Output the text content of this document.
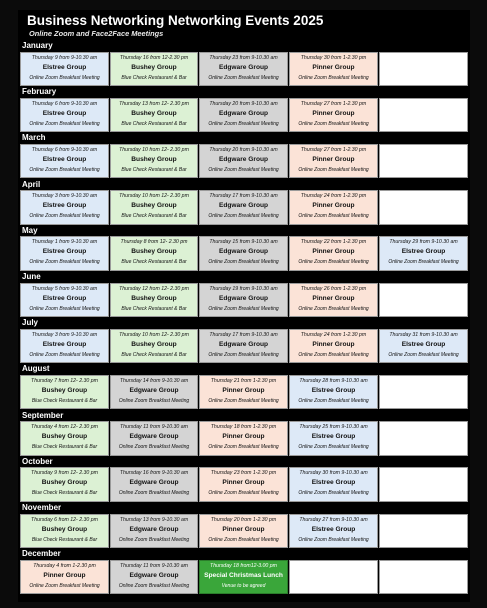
Business Networking Networking Events 2025
Online Zoom and Face2Face Meetings
January
Thursday 9 from 9-10.30 am
Elstree Group
Online Zoom Breakfast Meeting
Thursday 16 from 12-2.30 pm
Bushey Group
Blue Check Restaurant & Bar
Thursday 23 from 9-10.30 am
Edgware Group
Online Zoom Breakfast Meeting
Thursday 30 from 1-2.30 pm
Pinner Group
Online Zoom Breakfast Meeting
February
Thursday 6 from 9-10.30 am
Elstree Group
Online Zoom Breakfast Meeting
Thursday 13 from 12- 2.30 pm
Bushey Group
Blue Check Restaurant & Bar
Thursday 20 from 9-10.30 am
Edgware Group
Online Zoom Breakfast Meeting
Thursday 27 from 1-2.30 pm
Pinner Group
Online Zoom Breakfast Meeting
March
Thursday 6 from 9-10.30 am
Elstree Group
Online Zoom Breakfast Meeting
Thursday 10 from 12- 2.30 pm
Bushey Group
Blue Check Restaurant & Bar
Thursday 20 from 9-10.30 am
Edgware Group
Online Zoom Breakfast Meeting
Thursday 27 from 1-2.30 pm
Pinner Group
Online Zoom Breakfast Meeting
April
Thursday 3 from 9-10.30 am
Elstree Group
Online Zoom Breakfast Meeting
Thursday 10 from 12- 2.30 pm
Bushey Group
Blue Check Restaurant & Bar
Thursday 17 from 9-10.30 am
Edgware Group
Online Zoom Breakfast Meeting
Thursday 24 from 1-2.30 pm
Pinner Group
Online Zoom Breakfast Meeting
May
Thursday 1 from 9-10.30 am
Elstree Group
Online Zoom Breakfast Meeting
Thursday 8 from 12- 2.30 pm
Bushey Group
Blue Check Restaurant & Bar
Thursday 15 from 9-10.30 am
Edgware Group
Online Zoom Breakfast Meeting
Thursday 22 from 1-2.30 pm
Pinner Group
Online Zoom Breakfast Meeting
Thursday 29 from 9-10.30 am
Elstree Group
Online Zoom Breakfast Meeting
June
Thursday 5 from 9-10.30 am
Elstree Group
Online Zoom Breakfast Meeting
Thursday 12 from 12- 2.30 pm
Bushey Group
Blue Check Restaurant & Bar
Thursday 19 from 9-10.30 am
Edgware Group
Online Zoom Breakfast Meeting
Thursday 26 from 1-2.30 pm
Pinner Group
Online Zoom Breakfast Meeting
July
Thursday 3 from 9-10.30 am
Elstree Group
Online Zoom Breakfast Meeting
Thursday 10 from 12- 2.30 pm
Bushey Group
Blue Check Restaurant & Bar
Thursday 17 from 9-10.30 am
Edgware Group
Online Zoom Breakfast Meeting
Thursday 24 from 1-2.30 pm
Pinner Group
Online Zoom Breakfast Meeting
Thursday 31 from 9-10.30 am
Elstree Group
Online Zoom Breakfast Meeting
August
Thursday 7 from 12- 2.30 pm
Bushey Group
Blue Check Restaurant & Bar
Thursday 14 from 9-10.30 am
Edgware Group
Online Zoom Breakfast Meeting
Thursday 21 from 1-2.30 pm
Pinner Group
Online Zoom Breakfast Meeting
Thursday 28 from 9-10.30 am
Elstree Group
Online Zoom Breakfast Meeting
September
Thursday 4 from 12- 2.30 pm
Bushey Group
Blue Check Restaurant & Bar
Thursday 11 from 9-10.30 am
Edgware Group
Online Zoom Breakfast Meeting
Thursday 18 from 1-2.30 pm
Pinner Group
Online Zoom Breakfast Meeting
Thursday 25 from 9-10.30 am
Elstree Group
Online Zoom Breakfast Meeting
October
Thursday 9 from 12- 2.30 pm
Bushey Group
Blue Check Restaurant & Bar
Thursday 16 from 9-10.30 am
Edgware Group
Online Zoom Breakfast Meeting
Thursday 23 from 1-2.30 pm
Pinner Group
Online Zoom Breakfast Meeting
Thursday 30 from 9-10.30 am
Elstree Group
Online Zoom Breakfast Meeting
November
Thursday 6 from 12- 2.30 pm
Bushey Group
Blue Check Restaurant & Bar
Thursday 13 from 9-10.30 am
Edgware Group
Online Zoom Breakfast Meeting
Thursday 20 from 1-2.30 pm
Pinner Group
Online Zoom Breakfast Meeting
Thursday 27 from 9-10.30 am
Elstree Group
Online Zoom Breakfast Meeting
December
Thursday 4 from 1-2.30 pm
Pinner Group
Online Zoom Breakfast Meeting
Thursday 11 from 9-10.30 am
Edgware Group
Online Zoom Breakfast Meeting
Thursday 18 from12-3.00 pm
Special Christmas Lunch
Venue to be agreed
